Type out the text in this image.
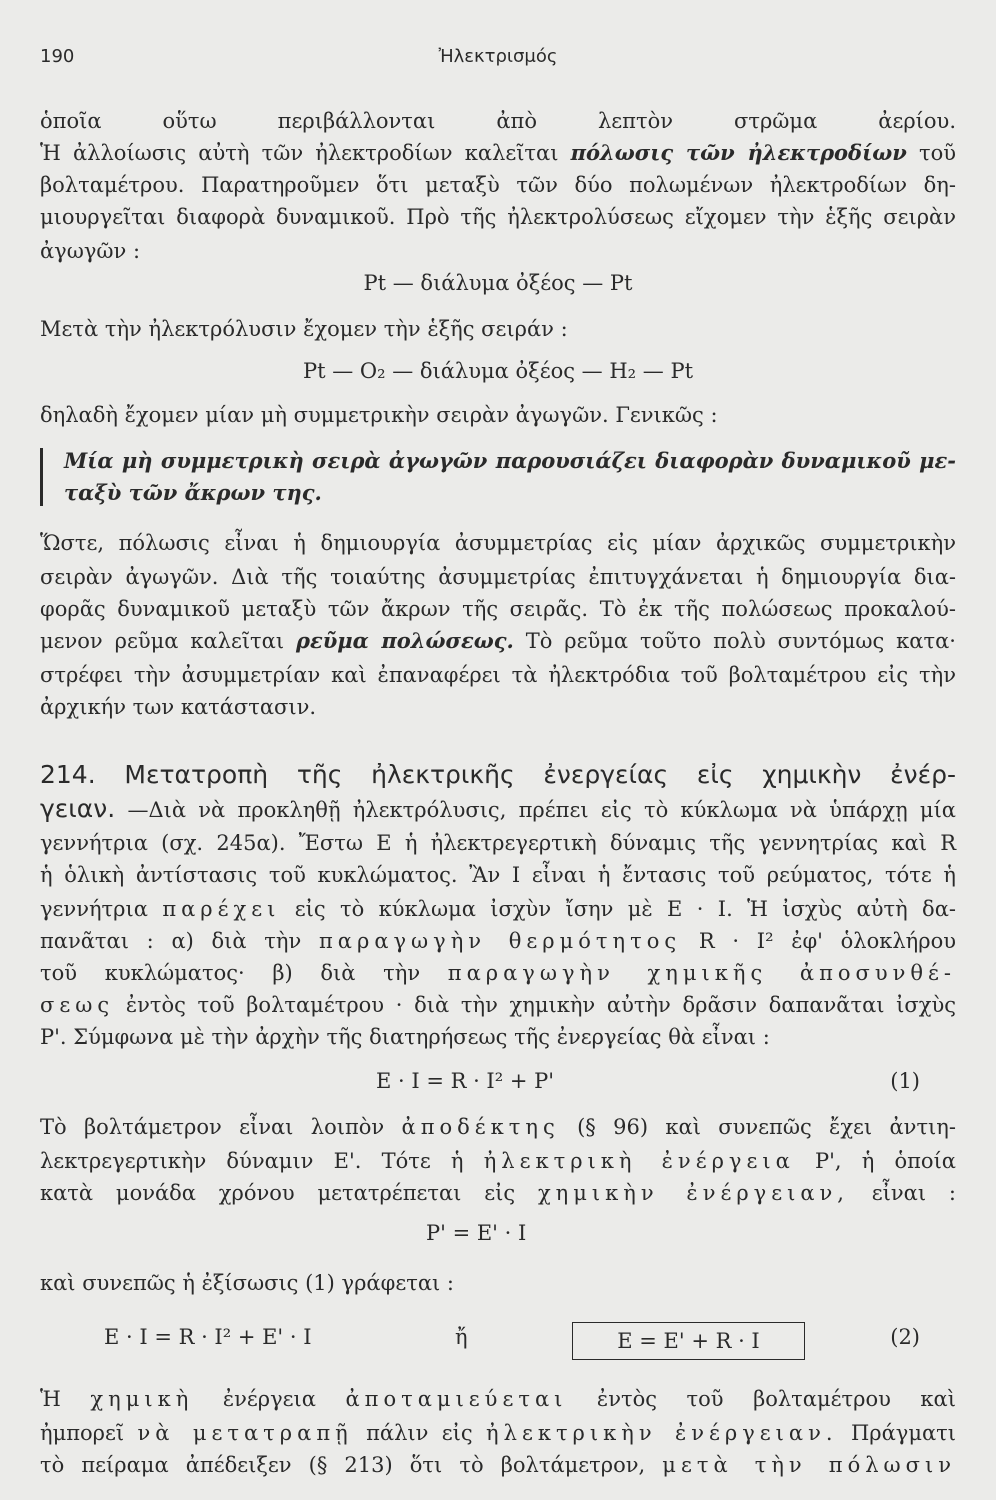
190	Ἠλεκτρισμός
ὁποῖα οὕτω περιβάλλονται ἀπὸ λεπτὸν στρῶμα ἀερίου.
Ἡ ἀλλοίωσις αὐτὴ τῶν ἠλεκτροδίων καλεῖται πόλωσις τῶν ἠλεκτροδίων τοῦ
βολταμέτρου. Παρατηροῦμεν ὅτι μεταξὺ τῶν δύο πολωμένων ἠλεκτροδίων δη-
μιουργεῖται διαφορὰ δυναμικοῦ. Πρὸ τῆς ἠλεκτρολύσεως εἴχομεν τὴν ἑξῆς σειρὰν
ἀγωγῶν :
Pt — διάλυμα ὀξέος — Pt
Μετὰ τὴν ἠλεκτρόλυσιν ἔχομεν τὴν ἑξῆς σειράν :
Pt — O₂ — διάλυμα ὀξέος — H₂ — Pt
δηλαδὴ ἔχομεν μίαν μὴ συμμετρικὴν σειρὰν ἀγωγῶν. Γενικῶς :
Μία μὴ συμμετρικὴ σειρὰ ἀγωγῶν παρουσιάζει διαφορὰν δυναμικοῦ με-
ταξὺ τῶν ἄκρων της.
Ὥστε, πόλωσις εἶναι ἡ δημιουργία ἀσυμμετρίας εἰς μίαν ἀρχικῶς συμμετρικὴν
σειρὰν ἀγωγῶν. Διὰ τῆς τοιαύτης ἀσυμμετρίας ἐπιτυγχάνεται ἡ δημιουργία δια-
φορᾶς δυναμικοῦ μεταξὺ τῶν ἄκρων τῆς σειρᾶς. Τὸ ἐκ τῆς πολώσεως προκαλού-
μενον ρεῦμα καλεῖται ρεῦμα πολώσεως. Τὸ ρεῦμα τοῦτο πολὺ συντόμως κατα·
στρέφει τὴν ἀσυμμετρίαν καὶ ἐπαναφέρει τὰ ἠλεκτρόδια τοῦ βολταμέτρου εἰς τὴν
ἀρχικήν των κατάστασιν.
214. Μετατροπὴ τῆς ἠλεκτρικῆς ἐνεργείας εἰς χημικὴν ἐνέρ-
γειαν. —Διὰ νὰ προκληθῇ ἠλεκτρόλυσις, πρέπει εἰς τὸ κύκλωμα νὰ ὑπάρχῃ μία
γεννήτρια (σχ. 245α). Ἔστω Ε ἡ ἠλεκτρεγερτικὴ δύναμις τῆς γεννητρίας καὶ R
ἡ ὁλικὴ ἀντίστασις τοῦ κυκλώματος. Ἂν Ι εἶναι ἡ ἔντασις τοῦ ρεύματος, τότε ἡ
γεννήτρια παρέχει εἰς τὸ κύκλωμα ἰσχὺν ἴσην μὲ Ε · Ι. Ἡ ἰσχὺς αὐτὴ δα-
πανᾶται : α) διὰ τὴν παραγωγὴν θερμότητος R · I² ἐφ' ὁλοκλήρου
τοῦ κυκλώματος· β) διὰ τὴν παραγωγὴν χημικῆς ἀποσυνθέ-
σεως ἐντὸς τοῦ βολταμέτρου · διὰ τὴν χημικὴν αὐτὴν δρᾶσιν δαπανᾶται ἰσχὺς
P'. Σύμφωνα μὲ τὴν ἀρχὴν τῆς διατηρήσεως τῆς ἐνεργείας θὰ εἶναι :
E · I = R · I² + P'	(1)
Τὸ βολτάμετρον εἶναι λοιπὸν ἀποδέκτης (§ 96) καὶ συνεπῶς ἔχει ἀντιη-
λεκτρεγερτικὴν δύναμιν Ε'. Τότε ἡ ἠλεκτρικὴ ἐνέργεια P', ἡ ὁποία
κατὰ μονάδα χρόνου μετατρέπεται εἰς χημικὴν ἐνέργειαν, εἶναι :
P' = E' · I
καὶ συνεπῶς ἡ ἐξίσωσις (1) γράφεται :
E · I = R · I² + E' · I	ἤ	E = E' + R · I	(2)
Ἡ χημικὴ ἐνέργεια ἀποταμιεύεται ἐντὸς τοῦ βολταμέτρου καὶ
ἠμπορεῖ νὰ μετατραπῇ πάλιν εἰς ἠλεκτρικὴν ἐνέργειαν. Πράγματι
τὸ πείραμα ἀπέδειξεν (§ 213) ὅτι τὸ βολτάμετρον, μετὰ τὴν πόλωσιν
